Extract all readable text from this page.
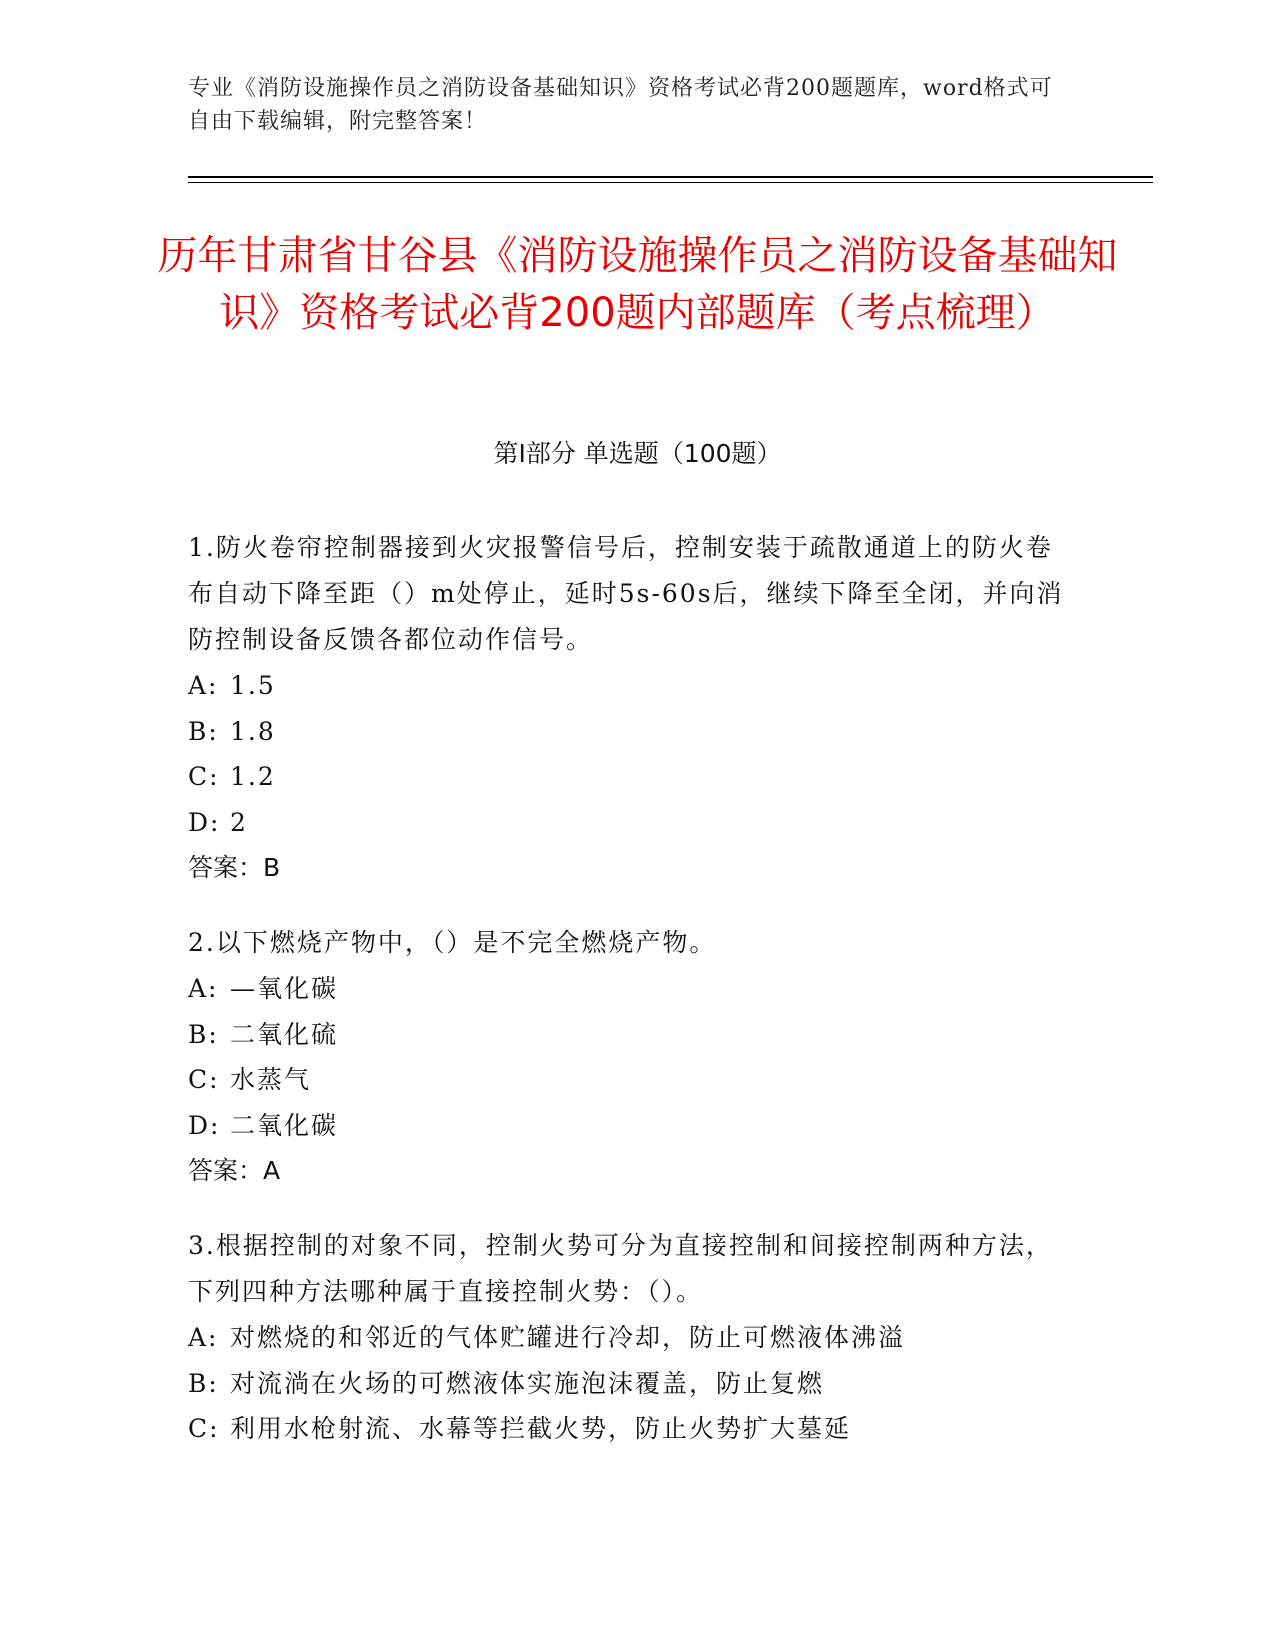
专业《消防设施操作员之消防设备基础知识》资格考试必背200题题库，word格式可自由下载编辑，附完整答案！
历年甘肃省甘谷县《消防设施操作员之消防设备基础知识》资格考试必背200题内部题库（考点梳理）
第I部分 单选题（100题）

1.防火卷帘控制器接到火灾报警信号后，控制安装于疏散通道上的防火卷布自动下降至距（）m处停止，延时5s-60s后，继续下降至全闭，并向消防控制设备反馈各都位动作信号。

A: 1.5

B: 1.8

C: 1.2

D: 2

答案：B

2.以下燃烧产物中，（）是不完全燃烧产物。

A: —氧化碳

B: 二氧化硫

C: 水蒸气

D: 二氧化碳

答案：A

3.根据控制的对象不同，控制火势可分为直接控制和间接控制两种方法，下列四种方法哪种属于直接控制火势：（）。

A: 对燃烧的和邻近的气体贮罐进行冷却，防止可燃液体沸溢

B: 对流淌在火场的可燃液体实施泡沫覆盖，防止复燃

C: 利用水枪射流、水幕等拦截火势，防止火势扩大墓延
